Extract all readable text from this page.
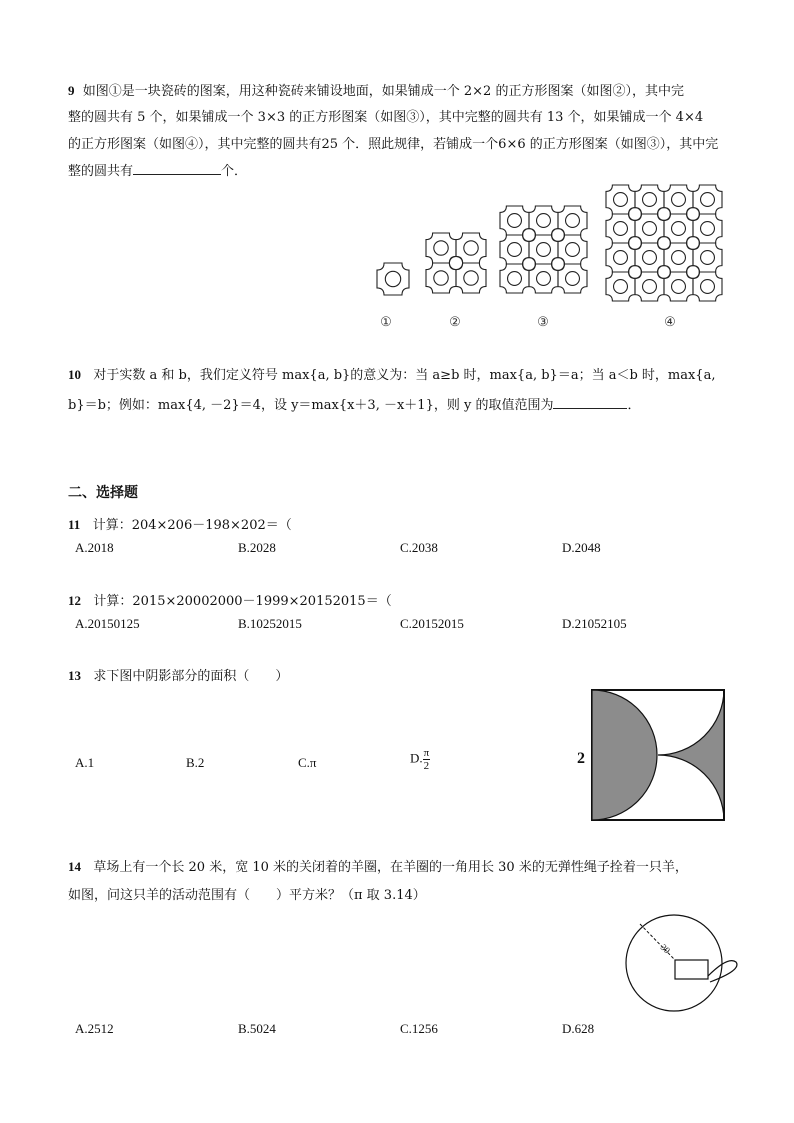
9 如图①是一块瓷砖的图案，用这种瓷砖来铺设地面，如果铺成一个 2×2 的正方形图案（如图②），其中完
整的圆共有 5 个，如果铺成一个 3×3 的正方形图案（如图③），其中完整的圆共有 13 个，如果铺成一个 4×4
的正方形图案（如图④），其中完整的圆共有25 个．照此规律，若铺成一个6×6 的正方形图案（如图③），其中完
整的圆共有	个．
①	②	③	④
10 对于实数 a 和 b，我们定义符号 max{a, b}的意义为：当 a≥b 时，max{a, b}＝a；当 a＜b 时，max{a,
b}＝b；例如：max{4, －2}＝4，设 y＝max{x＋3, －x＋1}，则 y 的取值范围为	．
二、选择题
11 计算：204×206－198×202＝（
A.2018	B.2028	C.2038	D.2048
12 计算：2015×20002000－1999×20152015＝（
A.20150125	B.10252015	C.20152015	D.21052105
13 求下图中阴影部分的面积（　　）
A.1	B.2	C.π	D. $\frac{\pi}{2}$	2
14 草场上有一个长 20 米，宽 10 米的关闭着的羊圈，在羊圈的一角用长 30 米的无弹性绳子拴着一只羊，
如图，问这只羊的活动范围有（　　）平方米？（π 取 3.14）
30
A.2512	B.5024	C.1256	D.628
